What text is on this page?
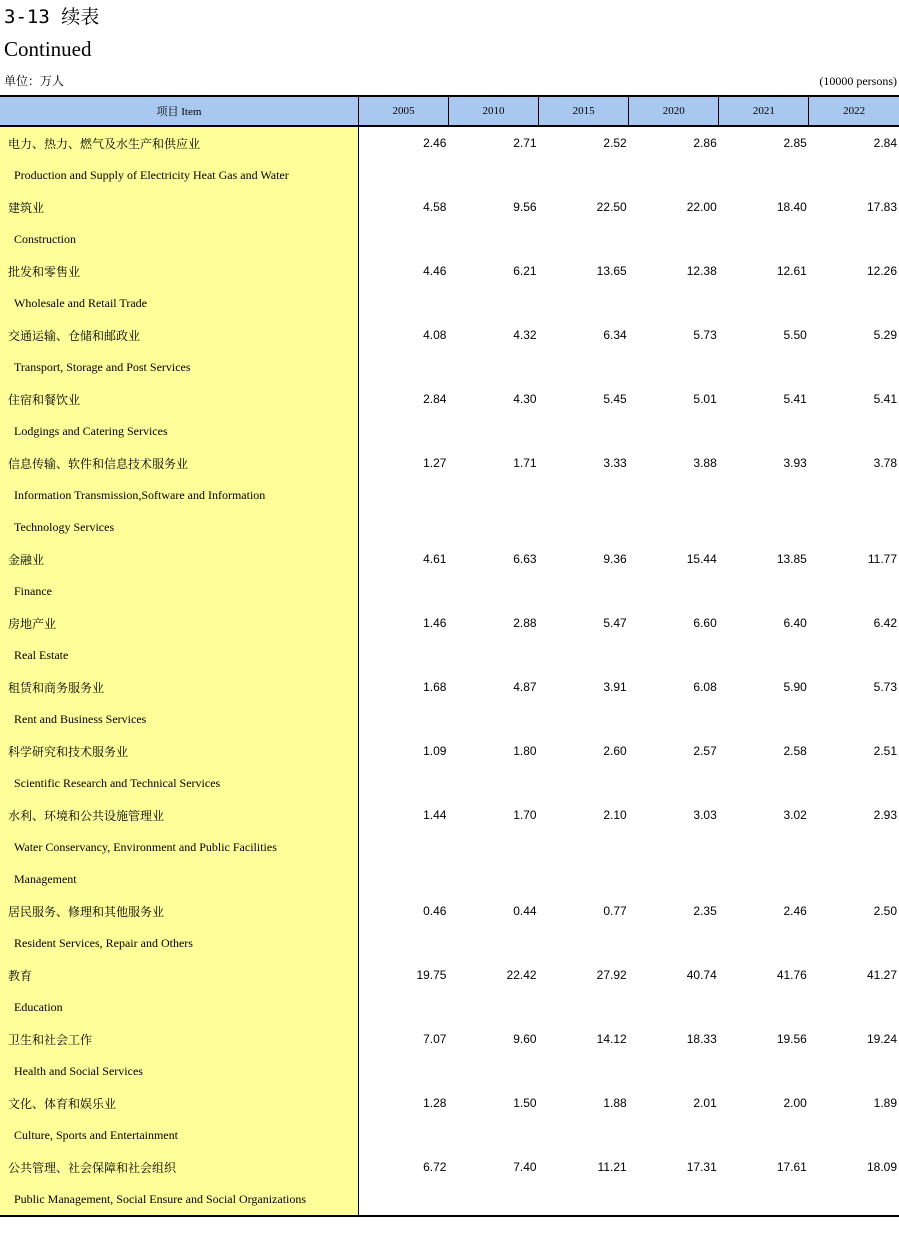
3-13 续表
Continued
单位：万人	(10000 persons)
项目 Item	2005	2010	2015	2020	2021	2022
电力、热力、燃气及水生产和供应业	2.46	2.71	2.52	2.86	2.85	2.84
Production and Supply of Electricity Heat Gas and Water						
建筑业	4.58	9.56	22.50	22.00	18.40	17.83
Construction						
批发和零售业	4.46	6.21	13.65	12.38	12.61	12.26
Wholesale and Retail Trade						
交通运输、仓储和邮政业	4.08	4.32	6.34	5.73	5.50	5.29
Transport, Storage and Post Services						
住宿和餐饮业	2.84	4.30	5.45	5.01	5.41	5.41
Lodgings and Catering Services						
信息传输、软件和信息技术服务业	1.27	1.71	3.33	3.88	3.93	3.78
Information Transmission,Software and Information						
Technology Services						
金融业	4.61	6.63	9.36	15.44	13.85	11.77
Finance						
房地产业	1.46	2.88	5.47	6.60	6.40	6.42
Real Estate						
租赁和商务服务业	1.68	4.87	3.91	6.08	5.90	5.73
Rent and Business Services						
科学研究和技术服务业	1.09	1.80	2.60	2.57	2.58	2.51
Scientific Research and Technical Services						
水利、环境和公共设施管理业	1.44	1.70	2.10	3.03	3.02	2.93
Water Conservancy, Environment and Public Facilities						
Management						
居民服务、修理和其他服务业	0.46	0.44	0.77	2.35	2.46	2.50
Resident Services, Repair and Others						
教育	19.75	22.42	27.92	40.74	41.76	41.27
Education						
卫生和社会工作	7.07	9.60	14.12	18.33	19.56	19.24
Health and Social Services						
文化、体育和娱乐业	1.28	1.50	1.88	2.01	2.00	1.89
Culture, Sports and Entertainment						
公共管理、社会保障和社会组织	6.72	7.40	11.21	17.31	17.61	18.09
Public Management, Social Ensure and Social Organizations						
